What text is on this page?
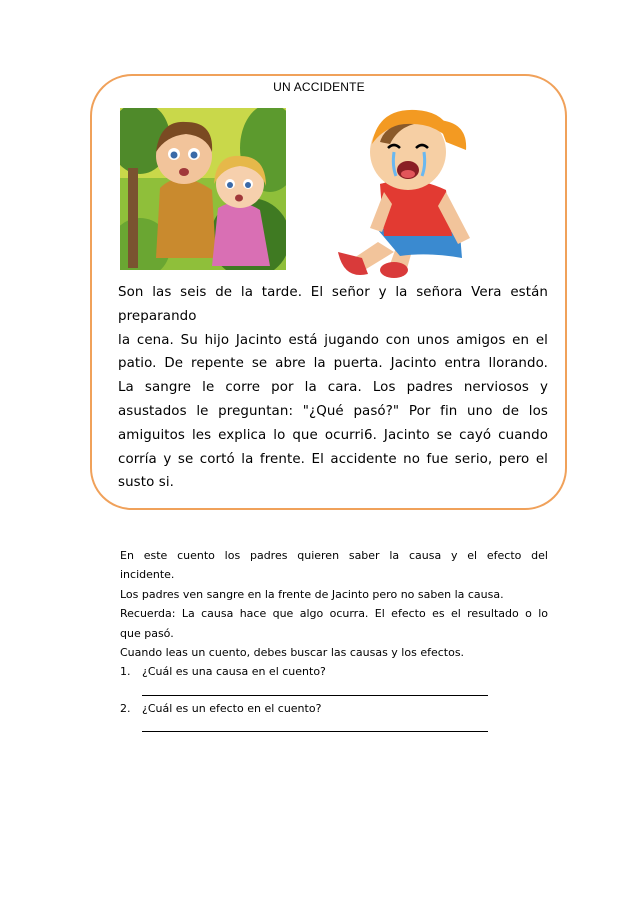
UN ACCIDENTE

Son las seis de la tarde. El señor y la señora Vera están

preparando

la cena. Su hijo Jacinto está jugando con unos amigos en el

patio. De repente se abre la puerta. Jacinto entra llorando.

La sangre le corre por la cara. Los padres nerviosos y

asustados le preguntan: "¿Qué pasó?" Por fin uno de los

amiguitos les explica lo que ocurri6. Jacinto se cayó cuando

corría y se cortó la frente. El accidente no fue serio, pero el

susto si.

En este cuento los padres quieren saber la causa y el efecto del

incidente.

Los padres ven sangre en la frente de Jacinto pero no saben la causa.

Recuerda: La causa hace que algo ocurra. El efecto es el resultado o lo

que pasó.

Cuando leas un cuento, debes buscar las causas y los efectos.

1.	¿Cuál es una causa en el cuento?
2.	¿Cuál es un efecto en el cuento?
